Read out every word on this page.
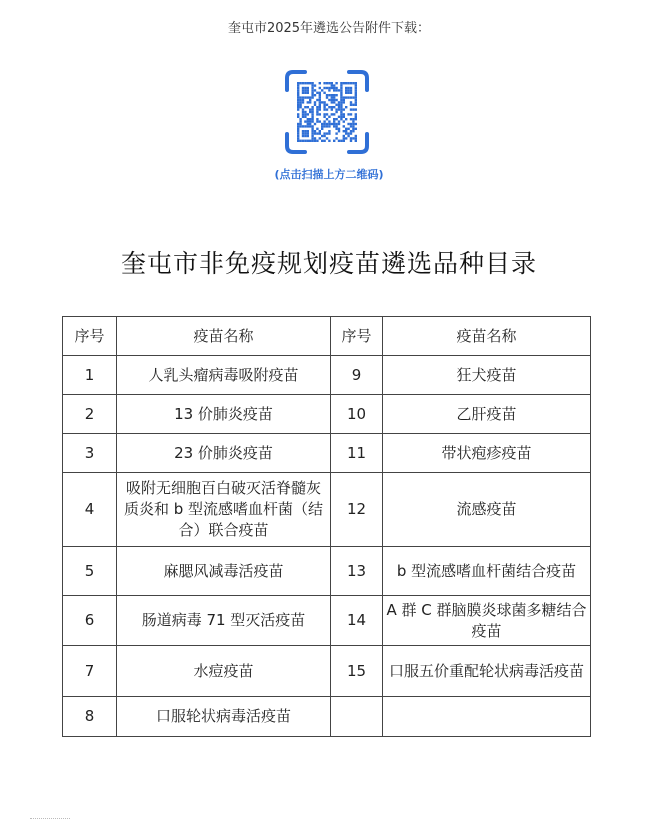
奎屯市2025年遴选公告附件下载：
(点击扫描上方二维码)
奎屯市非免疫规划疫苗遴选品种目录
序号	疫苗名称	序号	疫苗名称
1	人乳头瘤病毒吸附疫苗	9	狂犬疫苗
2	13 价肺炎疫苗	10	乙肝疫苗
3	23 价肺炎疫苗	11	带状疱疹疫苗
4	吸附无细胞百白破灭活脊髓灰质炎和 b 型流感嗜血杆菌（结合）联合疫苗	12	流感疫苗
5	麻腮风减毒活疫苗	13	b 型流感嗜血杆菌结合疫苗
6	肠道病毒 71 型灭活疫苗	14	A 群 C 群脑膜炎球菌多糖结合疫苗
7	水痘疫苗	15	口服五价重配轮状病毒活疫苗
8	口服轮状病毒活疫苗		
